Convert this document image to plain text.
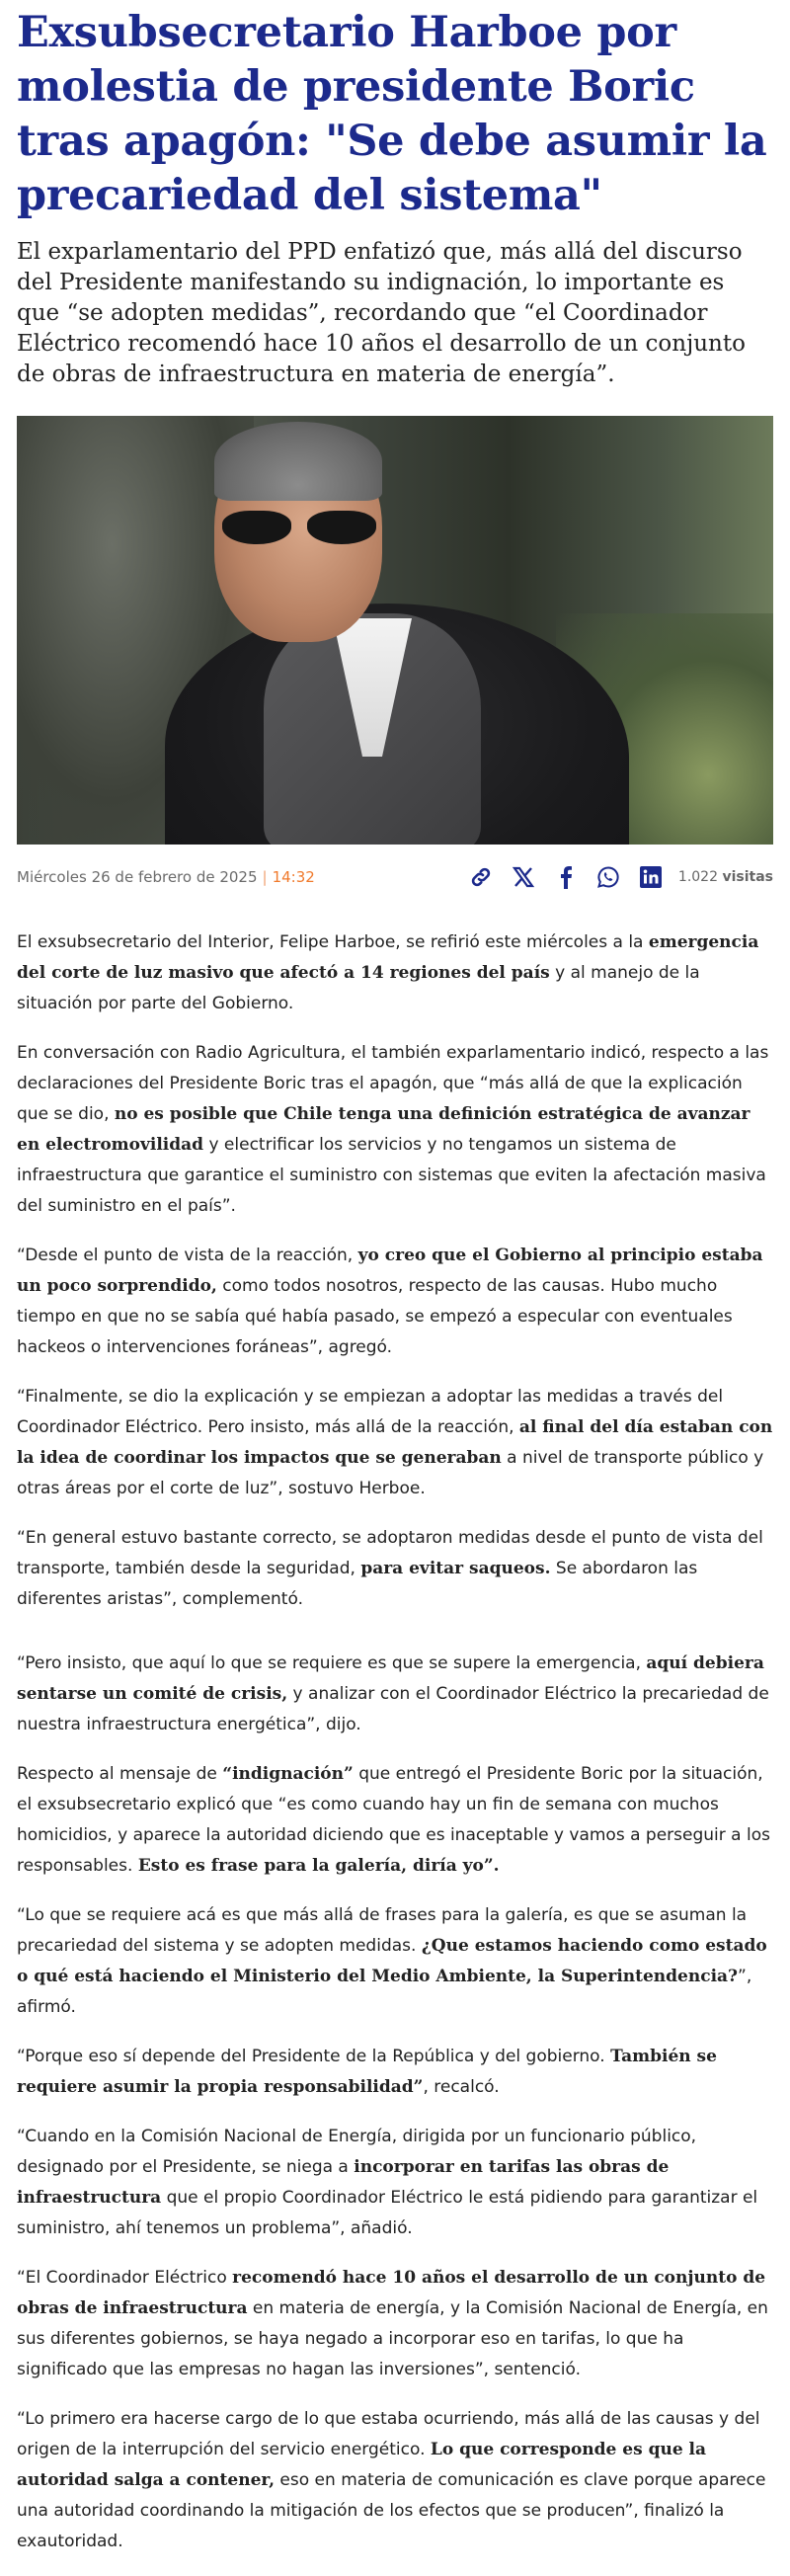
Exsubsecretario Harboe por molestia de presidente Boric tras apagón: "Se debe asumir la precariedad del sistema"

El exparlamentario del PPD enfatizó que, más allá del discurso del Presidente manifestando su indignación, lo importante es que “se adopten medidas”, recordando que “el Coordinador Eléctrico recomendó hace 10 años el desarrollo de un conjunto de obras de infraestructura en materia de energía”.

Miércoles 26 de febrero de 2025 | 14:32	1.022 visitas

El exsubsecretario del Interior, Felipe Harboe, se refirió este miércoles a la emergencia del corte de luz masivo que afectó a 14 regiones del país y al manejo de la situación por parte del Gobierno.

En conversación con Radio Agricultura, el también exparlamentario indicó, respecto a las declaraciones del Presidente Boric tras el apagón, que “más allá de que la explicación que se dio, no es posible que Chile tenga una definición estratégica de avanzar en electromovilidad y electrificar los servicios y no tengamos un sistema de infraestructura que garantice el suministro con sistemas que eviten la afectación masiva del suministro en el país”.

“Desde el punto de vista de la reacción, yo creo que el Gobierno al principio estaba un poco sorprendido, como todos nosotros, respecto de las causas. Hubo mucho tiempo en que no se sabía qué había pasado, se empezó a especular con eventuales hackeos o intervenciones foráneas”, agregó.

“Finalmente, se dio la explicación y se empiezan a adoptar las medidas a través del Coordinador Eléctrico. Pero insisto, más allá de la reacción, al final del día estaban con la idea de coordinar los impactos que se generaban a nivel de transporte público y otras áreas por el corte de luz”, sostuvo Herboe.

“En general estuvo bastante correcto, se adoptaron medidas desde el punto de vista del transporte, también desde la seguridad, para evitar saqueos. Se abordaron las diferentes aristas”, complementó.

“Pero insisto, que aquí lo que se requiere es que se supere la emergencia, aquí debiera sentarse un comité de crisis, y analizar con el Coordinador Eléctrico la precariedad de nuestra infraestructura energética”, dijo.

Respecto al mensaje de “indignación” que entregó el Presidente Boric por la situación, el exsubsecretario explicó que “es como cuando hay un fin de semana con muchos homicidios, y aparece la autoridad diciendo que es inaceptable y vamos a perseguir a los responsables. Esto es frase para la galería, diría yo”.

“Lo que se requiere acá es que más allá de frases para la galería, es que se asuman la precariedad del sistema y se adopten medidas. ¿Que estamos haciendo como estado o qué está haciendo el Ministerio del Medio Ambiente, la Superintendencia?”, afirmó.

“Porque eso sí depende del Presidente de la República y del gobierno. También se requiere asumir la propia responsabilidad”, recalcó.

“Cuando en la Comisión Nacional de Energía, dirigida por un funcionario público, designado por el Presidente, se niega a incorporar en tarifas las obras de infraestructura que el propio Coordinador Eléctrico le está pidiendo para garantizar el suministro, ahí tenemos un problema”, añadió.

“El Coordinador Eléctrico recomendó hace 10 años el desarrollo de un conjunto de obras de infraestructura en materia de energía, y la Comisión Nacional de Energía, en sus diferentes gobiernos, se haya negado a incorporar eso en tarifas, lo que ha significado que las empresas no hagan las inversiones”, sentenció.

“Lo primero era hacerse cargo de lo que estaba ocurriendo, más allá de las causas y del origen de la interrupción del servicio energético. Lo que corresponde es que la autoridad salga a contener, eso en materia de comunicación es clave porque aparece una autoridad coordinando la mitigación de los efectos que se producen”, finalizó la exautoridad.
